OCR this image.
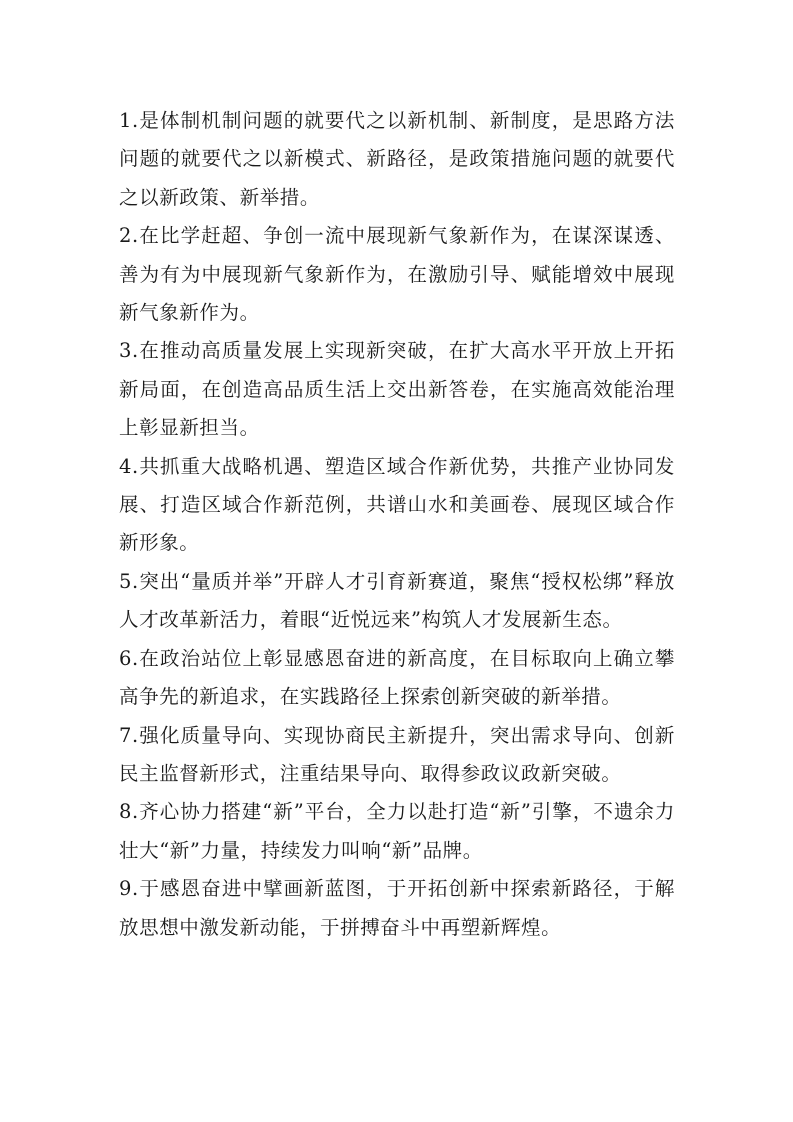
1.是体制机制问题的就要代之以新机制、新制度，是思路方法问题的就要代之以新模式、新路径，是政策措施问题的就要代之以新政策、新举措。

2.在比学赶超、争创一流中展现新气象新作为，在谋深谋透、善为有为中展现新气象新作为，在激励引导、赋能增效中展现新气象新作为。

3.在推动高质量发展上实现新突破，在扩大高水平开放上开拓新局面，在创造高品质生活上交出新答卷，在实施高效能治理上彰显新担当。

4.共抓重大战略机遇、塑造区域合作新优势，共推产业协同发展、打造区域合作新范例，共谱山水和美画卷、展现区域合作新形象。

5.突出“量质并举”开辟人才引育新赛道，聚焦“授权松绑”释放人才改革新活力，着眼“近悦远来”构筑人才发展新生态。

6.在政治站位上彰显感恩奋进的新高度，在目标取向上确立攀高争先的新追求，在实践路径上探索创新突破的新举措。

7.强化质量导向、实现协商民主新提升，突出需求导向、创新民主监督新形式，注重结果导向、取得参政议政新突破。

8.齐心协力搭建“新”平台，全力以赴打造“新”引擎，不遗余力壮大“新”力量，持续发力叫响“新”品牌。

9.于感恩奋进中擘画新蓝图，于开拓创新中探索新路径，于解放思想中激发新动能，于拼搏奋斗中再塑新辉煌。
